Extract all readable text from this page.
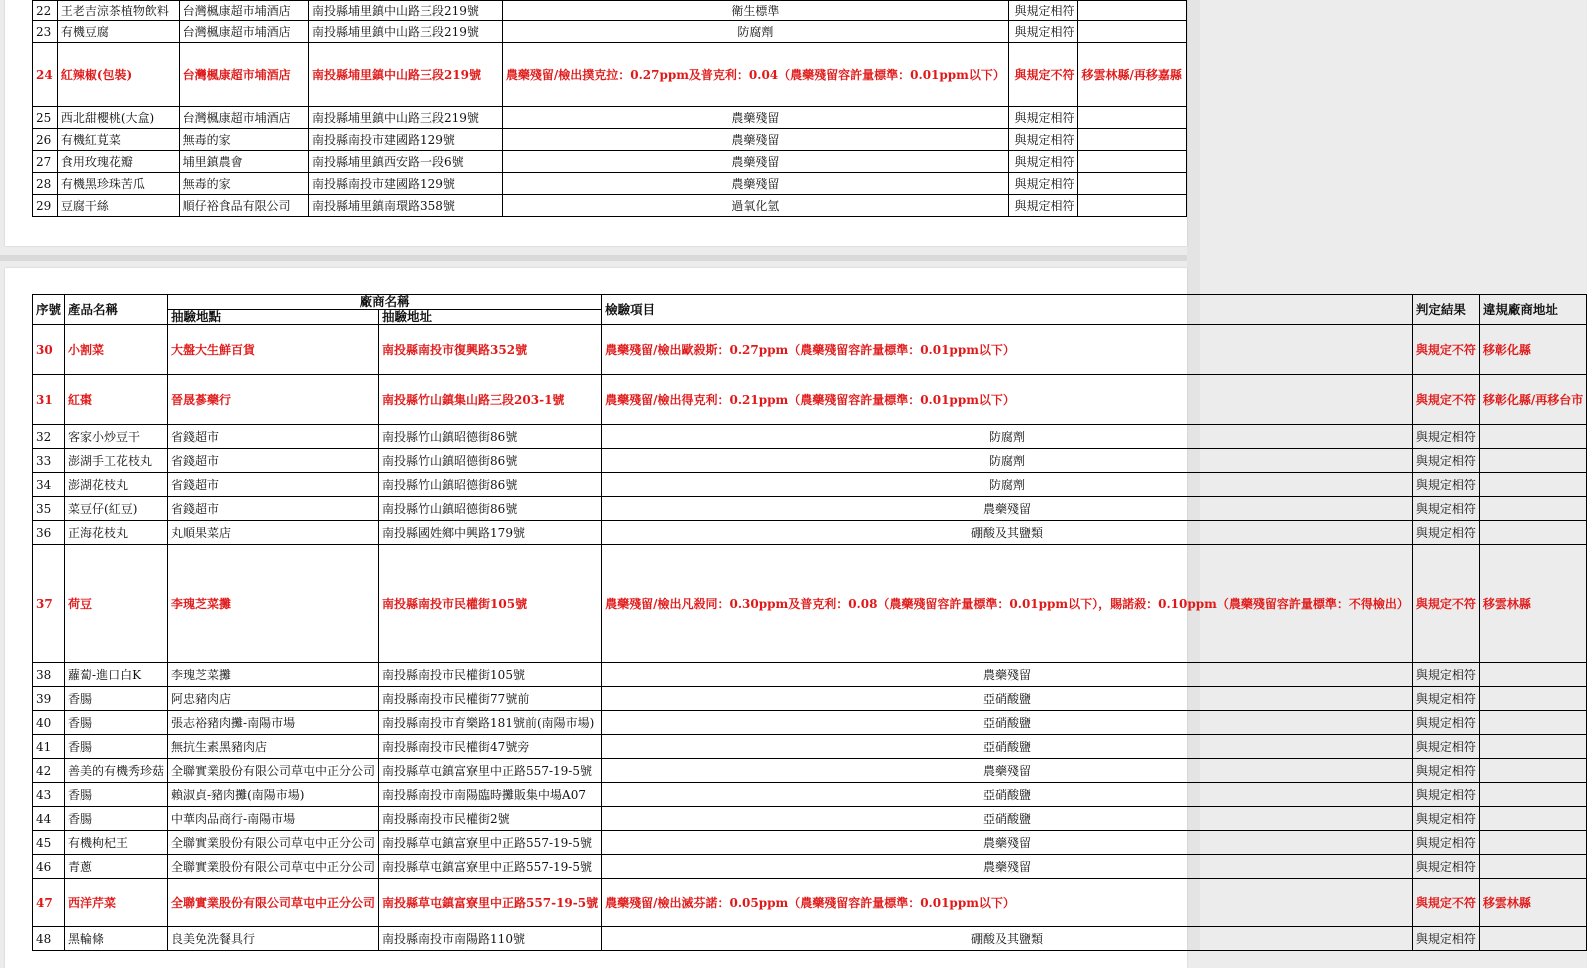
22	王老吉涼茶植物飲料	台灣楓康超市埔酒店	南投縣埔里鎮中山路三段219號	衛生標準	與規定相符	
23	有機豆腐	台灣楓康超市埔酒店	南投縣埔里鎮中山路三段219號	防腐劑	與規定相符	
24	紅辣椒(包裝)	台灣楓康超市埔酒店	南投縣埔里鎮中山路三段219號	農藥殘留/檢出撲克拉：0.27ppm及普克利：0.04（農藥殘留容許量標準：0.01ppm以下）	與規定不符	移雲林縣/再移嘉縣
25	西北甜櫻桃(大盒)	台灣楓康超市埔酒店	南投縣埔里鎮中山路三段219號	農藥殘留	與規定相符	
26	有機紅莧菜	無毒的家	南投縣南投市建國路129號	農藥殘留	與規定相符	
27	食用玫瑰花瓣	埔里鎮農會	南投縣埔里鎮西安路一段6號	農藥殘留	與規定相符	
28	有機黑珍珠苦瓜	無毒的家	南投縣南投市建國路129號	農藥殘留	與規定相符	
29	豆腐干絲	順仔裕食品有限公司	南投縣埔里鎮南環路358號	過氧化氫	與規定相符	
序號	產品名稱	廠商名稱		檢驗項目	判定結果	違規廠商地址
		抽驗地點	抽驗地址			
30	小割菜	大盤大生鮮百貨	南投縣南投市復興路352號	農藥殘留/檢出歐殺斯：0.27ppm（農藥殘留容許量標準：0.01ppm以下）	與規定不符	移彰化縣
31	紅棗	晉晟蔘藥行	南投縣竹山鎮集山路三段203-1號	農藥殘留/檢出得克利：0.21ppm（農藥殘留容許量標準：0.01ppm以下）	與規定不符	移彰化縣/再移台市
32	客家小炒豆干	省錢超市	南投縣竹山鎮昭德街86號	防腐劑	與規定相符	
33	澎湖手工花枝丸	省錢超市	南投縣竹山鎮昭德街86號	防腐劑	與規定相符	
34	澎湖花枝丸	省錢超市	南投縣竹山鎮昭德街86號	防腐劑	與規定相符	
35	菜豆仔(紅豆)	省錢超市	南投縣竹山鎮昭德街86號	農藥殘留	與規定相符	
36	正海花枝丸	丸順果菜店	南投縣國姓鄉中興路179號	硼酸及其鹽類	與規定相符	
37	荷豆	李瑰芝菜攤	南投縣南投市民權街105號	農藥殘留/檢出凡殺同：0.30ppm及普克利：0.08（農藥殘留容許量標準：0.01ppm以下），賜諾殺：0.10ppm（農藥殘留容許量標準：不得檢出）	與規定不符	移雲林縣
38	蘿蔔-進口白K	李瑰芝菜攤	南投縣南投市民權街105號	農藥殘留	與規定相符	
39	香腸	阿忠豬肉店	南投縣南投市民權街77號前	亞硝酸鹽	與規定相符	
40	香腸	張志裕豬肉攤-南陽市場	南投縣南投市育樂路181號前(南陽市場)	亞硝酸鹽	與規定相符	
41	香腸	無抗生素黑豬肉店	南投縣南投市民權街47號旁	亞硝酸鹽	與規定相符	
42	善美的有機秀珍菇	全聯實業股份有限公司草屯中正分公司	南投縣草屯鎮富寮里中正路557-19-5號	農藥殘留	與規定相符	
43	香腸	賴淑貞-豬肉攤(南陽市場)	南投縣南投市南陽臨時攤販集中場A07	亞硝酸鹽	與規定相符	
44	香腸	中華肉品商行-南陽市場	南投縣南投市民權街2號	亞硝酸鹽	與規定相符	
45	有機枸杞王	全聯實業股份有限公司草屯中正分公司	南投縣草屯鎮富寮里中正路557-19-5號	農藥殘留	與規定相符	
46	青蔥	全聯實業股份有限公司草屯中正分公司	南投縣草屯鎮富寮里中正路557-19-5號	農藥殘留	與規定相符	
47	西洋芹菜	全聯實業股份有限公司草屯中正分公司	南投縣草屯鎮富寮里中正路557-19-5號	農藥殘留/檢出滅芬諾：0.05ppm（農藥殘留容許量標準：0.01ppm以下）	與規定不符	移雲林縣
48	黑輪條	良美免洗餐具行	南投縣南投市南陽路110號	硼酸及其鹽類	與規定相符	
